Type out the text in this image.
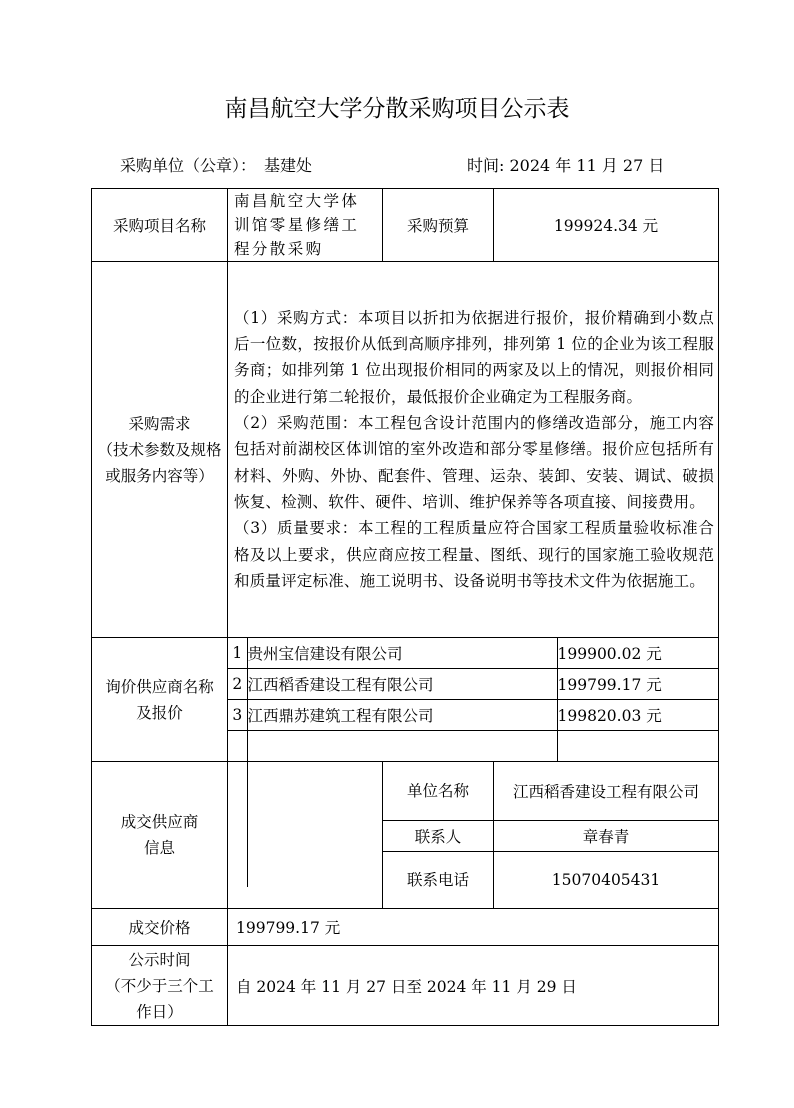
南昌航空大学分散采购项目公示表
采购单位（公章）： 基建处	时间: 2024 年 11 月 27 日
采购项目名称	南昌航空大学体训馆零星修缮工程分散采购	采购预算	199924.34 元

采购需求
（技术参数及规格或服务内容等）

（1）采购方式：本项目以折扣为依据进行报价，报价精确到小数点后一位数，按报价从低到高顺序排列，排列第 1 位的企业为该工程服务商；如排列第 1 位出现报价相同的两家及以上的情况，则报价相同的企业进行第二轮报价，最低报价企业确定为工程服务商。

（2）采购范围：本工程包含设计范围内的修缮改造部分，施工内容包括对前湖校区体训馆的室外改造和部分零星修缮。报价应包括所有材料、外购、外协、配套件、管理、运杂、装卸、安装、调试、破损恢复、检测、软件、硬件、培训、维护保养等各项直接、间接费用。

（3）质量要求：本工程的工程质量应符合国家工程质量验收标准合格及以上要求，供应商应按工程量、图纸、现行的国家施工验收规范和质量评定标准、施工说明书、设备说明书等技术文件为依据施工。

询价供应商名称及报价	
1	贵州宝信建设有限公司	199900.02 元
2	江西稻香建设工程有限公司	199799.17 元
3	江西鼎苏建筑工程有限公司	199820.03 元

成交供应商信息		单位名称	江西稻香建设工程有限公司
	联系人	章春青
	联系电话	15070405431
成交价格	199799.17 元

公示时间
（不少于三个工作日）
	自 2024 年 11 月 27 日至 2024 年 11 月 29 日
